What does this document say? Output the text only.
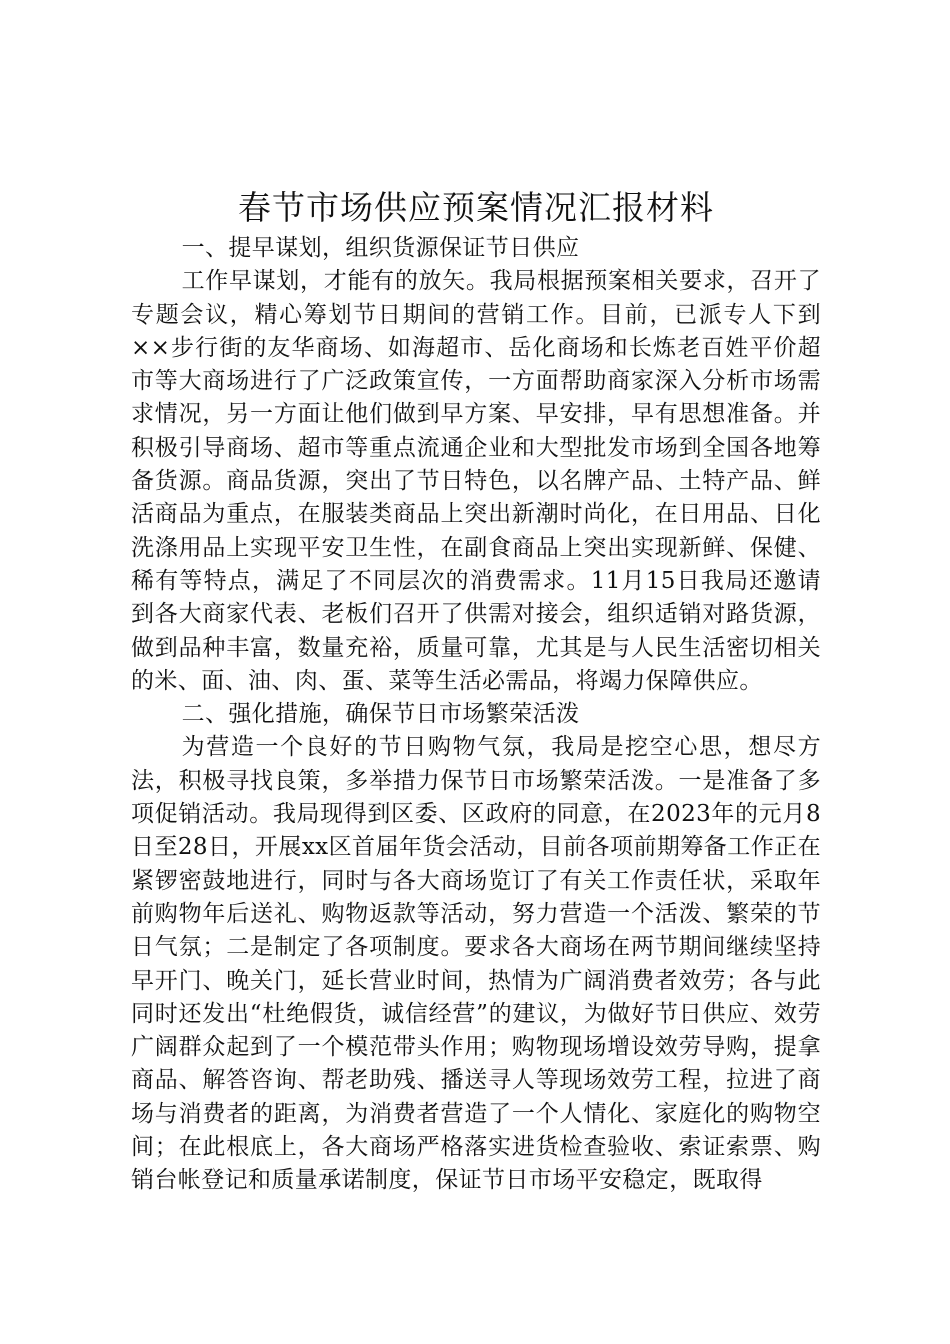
春节市场供应预案情况汇报材料
一、提早谋划，组织货源保证节日供应

工作早谋划，才能有的放矢。我局根据预案相关要求，召开了专题会议，精心筹划节日期间的营销工作。目前，已派专人下到××步行街的友华商场、如海超市、岳化商场和长炼老百姓平价超市等大商场进行了广泛政策宣传，一方面帮助商家深入分析市场需求情况，另一方面让他们做到早方案、早安排，早有思想准备。并积极引导商场、超市等重点流通企业和大型批发市场到全国各地筹备货源。商品货源，突出了节日特色，以名牌产品、土特产品、鲜活商品为重点，在服装类商品上突出新潮时尚化，在日用品、日化洗涤用品上实现平安卫生性，在副食商品上突出实现新鲜、保健、稀有等特点，满足了不同层次的消费需求。11月15日我局还邀请到各大商家代表、老板们召开了供需对接会，组织适销对路货源，做到品种丰富，数量充裕，质量可靠，尤其是与人民生活密切相关的米、面、油、肉、蛋、菜等生活必需品，将竭力保障供应。

二、强化措施，确保节日市场繁荣活泼

为营造一个良好的节日购物气氛，我局是挖空心思，想尽方法，积极寻找良策，多举措力保节日市场繁荣活泼。一是准备了多项促销活动。我局现得到区委、区政府的同意，在2023年的元月8日至28日，开展xx区首届年货会活动，目前各项前期筹备工作正在紧锣密鼓地进行，同时与各大商场览订了有关工作责任状，采取年前购物年后送礼、购物返款等活动，努力营造一个活泼、繁荣的节日气氛；二是制定了各项制度。要求各大商场在两节期间继续坚持早开门、晚关门，延长营业时间，热情为广阔消费者效劳；各与此同时还发出“杜绝假货，诚信经营”的建议，为做好节日供应、效劳广阔群众起到了一个模范带头作用；购物现场增设效劳导购，提拿商品、解答咨询、帮老助残、播送寻人等现场效劳工程，拉进了商场与消费者的距离，为消费者营造了一个人情化、家庭化的购物空间；在此根底上，各大商场严格落实进货检查验收、索证索票、购销台帐登记和质量承诺制度，保证节日市场平安稳定，既取得
